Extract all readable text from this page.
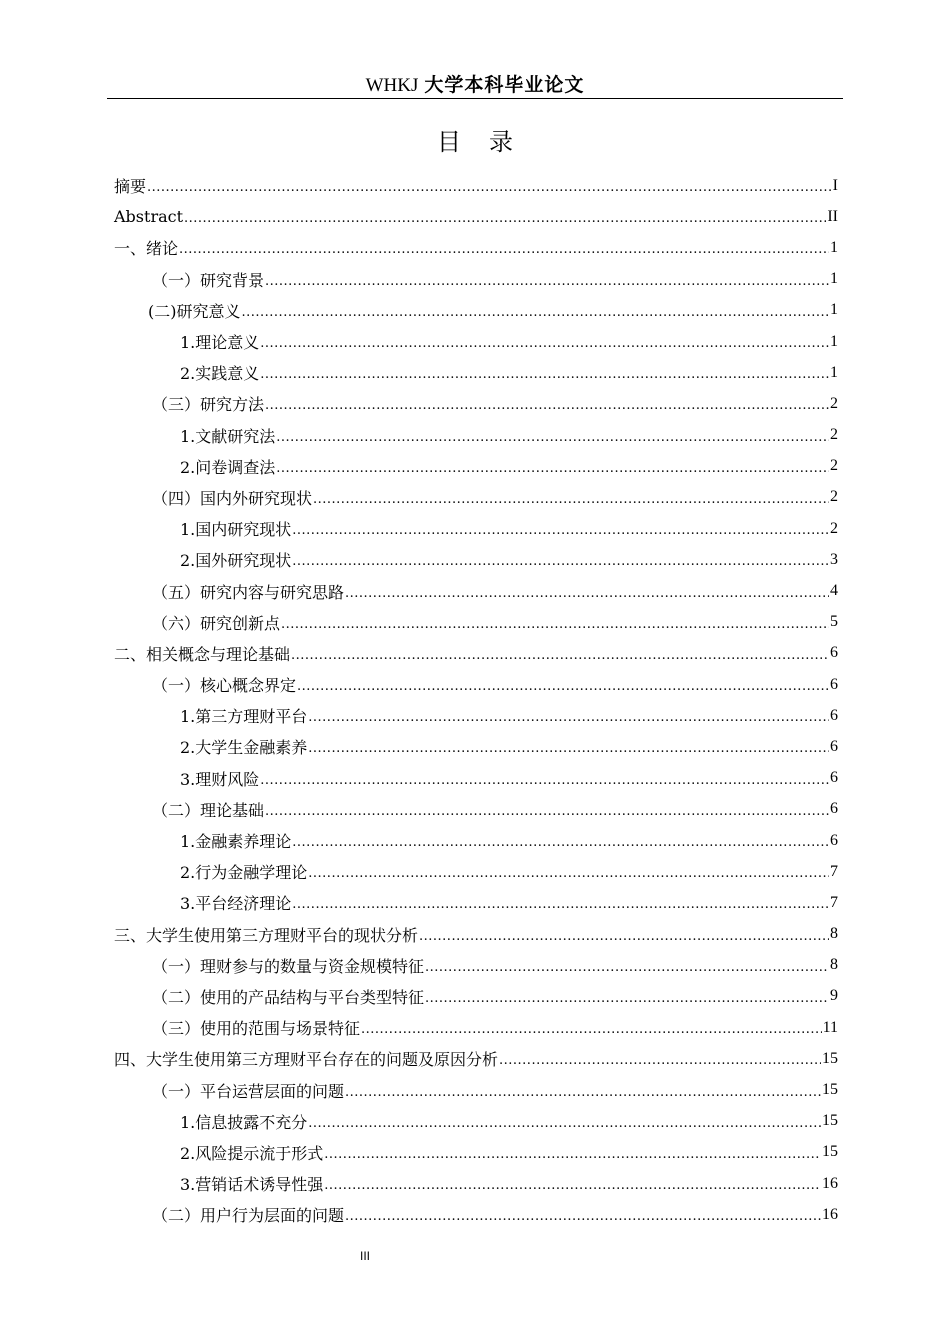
WHKJ 大学本科毕业论文
目录
摘要 .....	I
Abstract .....	II
一、绪论 .....	1
（一）研究背景 .....	1
(二)研究意义 .....	1
1.理论意义 .....	1
2.实践意义 .....	1
（三）研究方法 .....	2
1.文献研究法 .....	2
2.问卷调查法 .....	2
（四）国内外研究现状 .....	2
1.国内研究现状 .....	2
2.国外研究现状 .....	3
（五）研究内容与研究思路 .....	4
（六）研究创新点 .....	5
二、相关概念与理论基础 .....	6
（一）核心概念界定 .....	6
1.第三方理财平台 .....	6
2.大学生金融素养 .....	6
3.理财风险 .....	6
（二）理论基础 .....	6
1.金融素养理论 .....	6
2.行为金融学理论 .....	7
3.平台经济理论 .....	7
三、大学生使用第三方理财平台的现状分析 .....	8
（一）理财参与的数量与资金规模特征 .....	8
（二）使用的产品结构与平台类型特征 .....	9
（三）使用的范围与场景特征 .....	11
四、大学生使用第三方理财平台存在的问题及原因分析 .....	15
（一）平台运营层面的问题 .....	15
1.信息披露不充分 .....	15
2.风险提示流于形式 .....	15
3.营销话术诱导性强 .....	16
（二）用户行为层面的问题 .....	16
III
